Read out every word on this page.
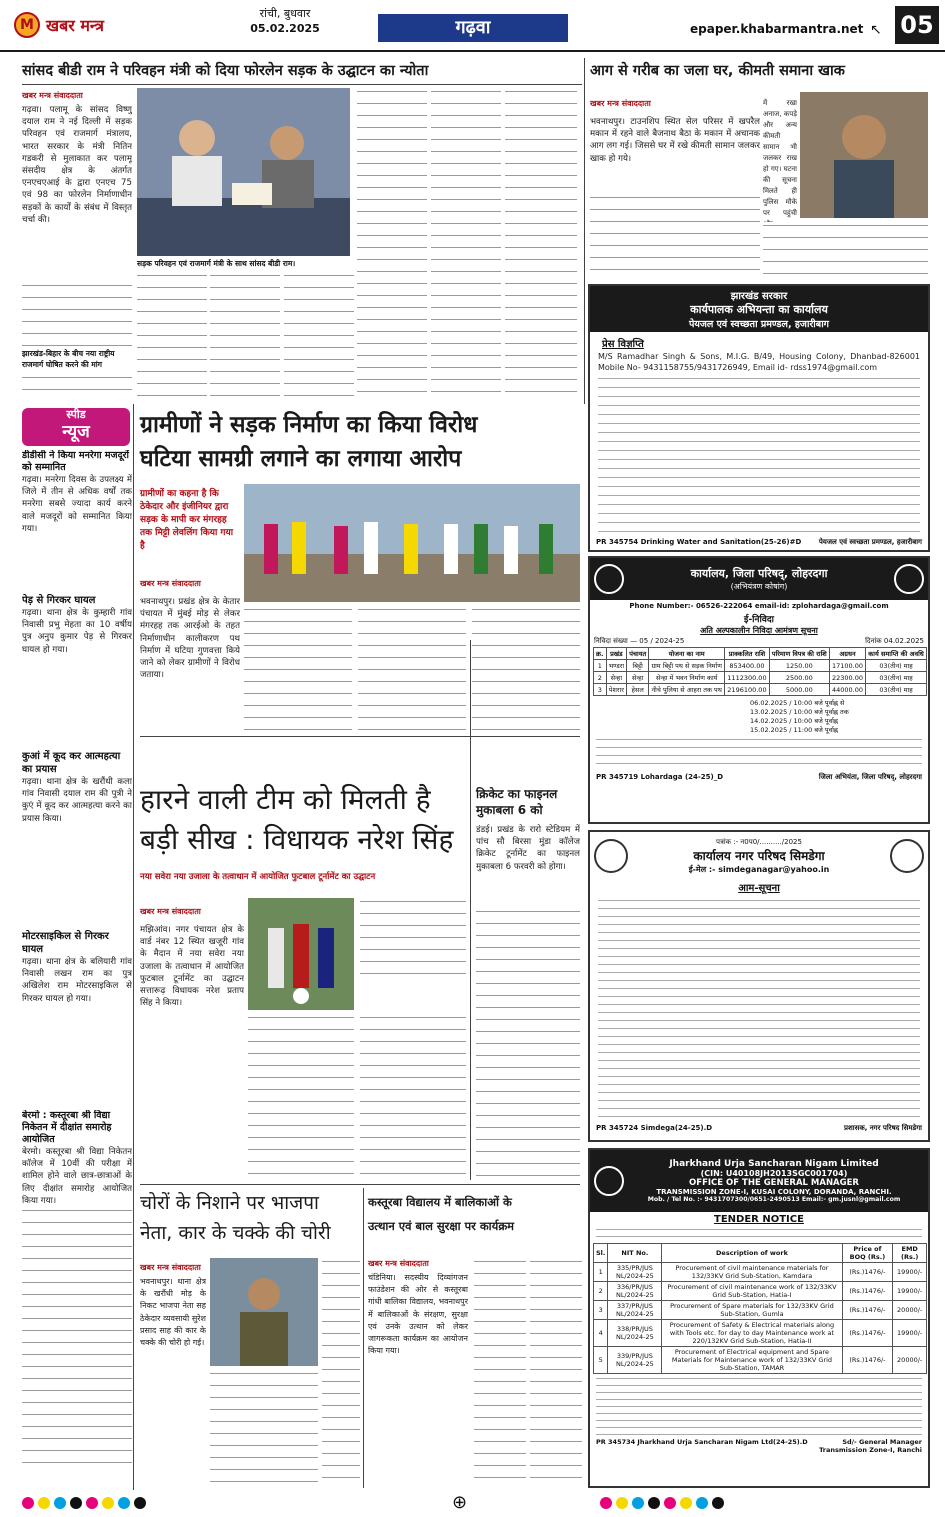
M खबर मन्त्र
रांची, बुधवार
05.02.2025	गढ़वा	epaper.khabarmantra.net ↖ 05
सांसद बीडी राम ने परिवहन मंत्री को दिया फोरलेन सड़क के उद्घाटन का न्योता
खबर मन्त्र संवाददाता
गढ़वा। पलामू के सांसद विष्णु दयाल राम ने नई दिल्ली में सड़क परिवहन एवं राजमार्ग मंत्रालय, भारत सरकार के मंत्री नितिन गडकरी से मुलाकात कर पलामू संसदीय क्षेत्र के अंतर्गत एनएचएआई के द्वारा एनएच 75 एवं 98 का फोरलेन निर्माणाधीन सड़कों के कार्यों के संबंध में विस्तृत चर्चा की।
झारखंड-बिहार के बीच नया राष्ट्रीय राजमार्ग घोषित करने की मांग
सड़क परिवहन एवं राजमार्ग मंत्री के साथ सांसद बीडी राम।
आग से गरीब का जला घर, कीमती समाना खाक
खबर मन्त्र संवाददाता
भवनाथपुर। टाउनशिप स्थित सेल परिसर में खपरैल मकान में रहने वाले बैजनाथ बैठा के मकान में अचानक आग लग गई। जिससे घर में रखे कीमती सामान जलकर खाक हो गये।
में रखा अनाज, कपड़े और अन्य कीमती सामान भी जलकर राख हो गए। घटना की सूचना मिलते ही पुलिस मौके पर पहुंची
झारखंड सरकार
कार्यपालक अभियन्ता का कार्यालय
पेयजल एवं स्वच्छता प्रमण्डल, हजारीबाग
प्रेस विज्ञप्ति
M/S Ramadhar Singh & Sons, M.I.G. B/49, Housing Colony, Dhanbad-826001 Mobile No- 9431158755/9431726949, Email id- rdss1974@gmail.com
PR 345754 Drinking Water and Sanitation(25-26)#D	पेयजल एवं स्वच्छता प्रमण्डल, हजारीबाग
स्पीड
न्यूज
डीडीसी ने किया मनरेगा मजदूरों को सम्मानित
गढ़वा। मनरेगा दिवस के उपलक्ष्य में जिले में तीन से अधिक वर्षों तक मनरेगा सबसे ज्यादा कार्य करने वाले मजदूरों को सम्मानित किया गया।
पेड़ से गिरकर घायल
गढ़वा। थाना क्षेत्र के कुम्हारी गांव निवासी प्रभु मेहता का 10 वर्षीय पुत्र अनुप कुमार पेड़ से गिरकर घायल हो गया।
कुआं में कूद कर आत्महत्या का प्रयास
गढ़वा। थाना क्षेत्र के खरौंधी कला गांव निवासी दयाल राम की पुत्री ने कुएं में कूद कर आत्महत्या करने का प्रयास किया।
मोटरसाइकिल से गिरकर घायल
गढ़वा। थाना क्षेत्र के बलियारी गांव निवासी लखन राम का पुत्र अखिलेश राम मोटरसाइकिल से गिरकर घायल हो गया।
बेरमो : कस्तूरबा श्री विद्या निकेतन में दीक्षांत समारोह आयोजित
बेरमो। कस्तूरबा श्री विद्या निकेतन कॉलेज में 10वीं की परीक्षा में शामिल होने वाले छात्र-छात्राओं के लिए दीक्षांत समारोह आयोजित किया गया।
ग्रामीणों ने सड़क निर्माण का किया विरोध
घटिया सामग्री लगाने का लगाया आरोप
ग्रामीणों का कहना है कि ठेकेदार और इंजीनियर द्वारा सड़क के मापी कर मंगरहह तक मिट्टी लेवलिंग किया गया है
खबर मन्त्र संवाददाता
भवनाथपुर। प्रखंड क्षेत्र के केतार पंचायत में मुंबई मोड़ से लेकर मंगरहह तक आरईओ के तहत निर्माणाधीन कालीकरण पथ निर्माण में घटिया गुणवत्ता किये जाने को लेकर ग्रामीणों ने विरोध जताया।
हारने वाली टीम को मिलती है
बड़ी सीख : विधायक नरेश सिंह
नया सवेरा नया उजाला के तत्वाधान में आयोजित फुटबाल टूर्नामेंट का उद्घाटन
खबर मन्त्र संवाददाता
मझिआंव। नगर पंचायत क्षेत्र के वार्ड नंबर 12 स्थित खजूरी गांव के मैदान में नया सवेरा नया उजाला के तत्वाधान में आयोजित फुटबाल टूर्नामेंट का उद्घाटन सत्तारूढ़ विधायक नरेश प्रताप सिंह ने किया।
क्रिकेट का फाइनल मुकाबला 6 को
डंडई। प्रखंड के रारो स्टेडियम में पांच सौ बिरसा मुंडा कॉलेज क्रिकेट टूर्नामेंट का फाइनल मुकाबला 6 फरवरी को होगा।
चोरों के निशाने पर भाजपा
नेता, कार के चक्के की चोरी
खबर मन्त्र संवाददाता
भवनाथपुर। थाना क्षेत्र के खरौंधी मोड़ के निकट भाजपा नेता सह ठेकेदार व्यवसायी सुरेश प्रसाद साह की कार के चक्के की चोरी हो गई।
कस्तूरबा विद्यालय में बालिकाओं के
उत्थान एवं बाल सुरक्षा पर कार्यक्रम
खबर मन्त्र संवाददाता
चंडिनिया। सदस्यीय दिव्यांगजन फाउंडेशन की ओर से कस्तूरबा गांधी बालिका विद्यालय, भवनाथपुर में बालिकाओं के संरक्षण, सुरक्षा एवं उनके उत्थान को लेकर जागरूकता कार्यक्रम का आयोजन किया गया।
कार्यालय, जिला परिषद्, लोहरदगा
(अभियंत्रण कोषांग)
Phone Number:- 06526-222064 email-id: zplohardaga@gmail.com
ई-निविदा
अति अल्पकालीन निविदा आमंत्रण सूचना
निविदा संख्या — 05 / 2024-25	दिनांक 04.02.2025
क्र.	प्रखंड	पंचायत	योजना का नाम	प्राक्कलित राशि	परिमाण विपत्र की राशि	अग्रधन	कार्य समाप्ति की अवधि
1	भण्डरा	बिट्टी	ग्राम बिट्टी पथ से सड़क निर्माण	853400.00	1250.00	17100.00	03(तीन) माह
2	सेन्हा	सेन्हा	सेन्हा में भवन निर्माण कार्य	1112300.00	2500.00	22300.00	03(तीन) माह
3	पेशरार	हेसल	नीचे पुलिया से आहरा तक पथ	2196100.00	5000.00	44000.00	03(तीन) माह
06.02.2025 / 10:00 बजे पूर्वाह्न से
13.02.2025 / 10:00 बजे पूर्वाह्न तक
14.02.2025 / 10:00 बजे पूर्वाह्न
15.02.2025 / 11:00 बजे पूर्वाह्न
PR 345719 Lohardaga (24-25)_D	जिला अभियंता, जिला परिषद्, लोहरदगा
पत्रांक :- न0प0/........../2025
कार्यालय नगर परिषद सिमडेगा
ई-मेल :- simdeganagar@yahoo.in
आम-सूचना
PR 345724 Simdega(24-25).D	प्रशासक, नगर परिषद सिमडेगा
Jharkhand Urja Sancharan Nigam Limited
(CIN: U40108JH2013SGC001704)
OFFICE OF THE GENERAL MANAGER
TRANSMISSION ZONE-I, KUSAI COLONY, DORANDA, RANCHI.
Mob. / Tel No. :- 9431707300/0651-2490513 Email:- gm.jusnl@gmail.com
TENDER NOTICE
Sl.	NIT No.	Description of work	Price of BOQ (Rs.)	EMD (Rs.)
1	335/PR/JUS NL/2024-25	Procurement of civil maintenance materials for 132/33KV Grid Sub-Station, Kamdara	(Rs.)1476/-	19900/-
2	336/PR/JUS NL/2024-25	Procurement of civil maintenance work of 132/33KV Grid Sub-Station, Hatia-I	(Rs.)1476/-	19900/-
3	337/PR/JUS NL/2024-25	Procurement of Spare materials for 132/33KV Grid Sub-Station, Gumla	(Rs.)1476/-	20000/-
4	338/PR/JUS NL/2024-25	Procurement of Safety & Electrical materials along with Tools etc. for day to day Maintenance work at 220/132KV Grid Sub-Station, Hatia-II	(Rs.)1476/-	19900/-
5	339/PR/JUS NL/2024-25	Procurement of Electrical equipment and Spare Materials for Maintenance work of 132/33KV Grid Sub-Station, TAMAR	(Rs.)1476/-	20000/-
PR 345734 Jharkhand Urja Sancharan Nigam Ltd(24-25).D	Sd/- General Manager Transmission Zone-I, Ranchi
⊕
